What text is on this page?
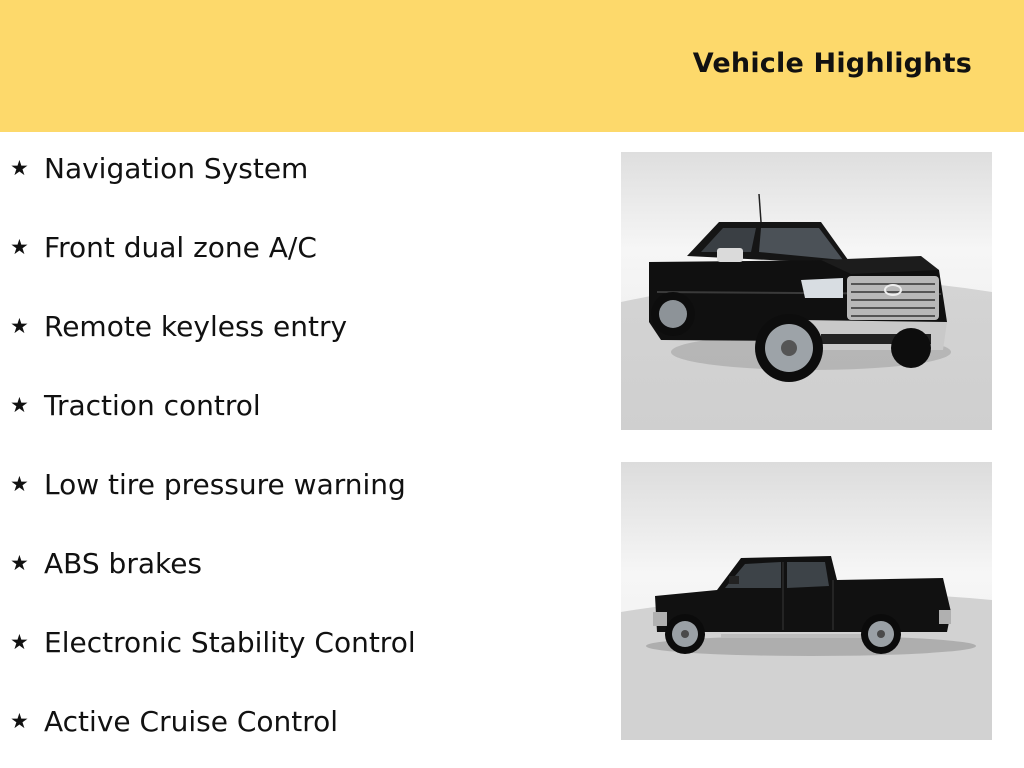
Vehicle Highlights
★ Navigation System
★ Front dual zone A/C
★ Remote keyless entry
★ Traction control
★ Low tire pressure warning
★ ABS brakes
★ Electronic Stability Control
★ Active Cruise Control
